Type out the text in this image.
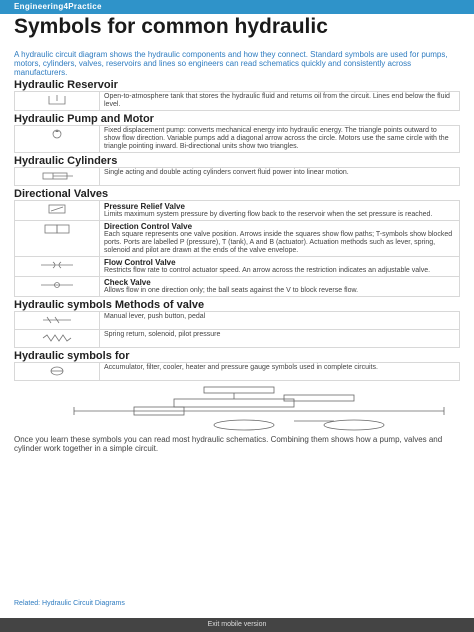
Engineering4Practice
Symbols for common hydraulic

A hydraulic circuit diagram shows the hydraulic components and how they connect. Standard symbols are used for pumps, motors, cylinders, valves, reservoirs and lines so engineers can read schematics quickly and consistently across manufacturers.

Hydraulic Reservoir
	Open-to-atmosphere tank that stores the hydraulic fluid and returns oil from the circuit. Lines end below the fluid level.
Hydraulic Pump and Motor
	Fixed displacement pump: converts mechanical energy into hydraulic energy. The triangle points outward to show flow direction. Variable pumps add a diagonal arrow across the circle. Motors use the same circle with the triangle pointing inward. Bi-directional units show two triangles.
Hydraulic Cylinders
	Single acting and double acting cylinders convert fluid power into linear motion.
Directional Valves

Pressure Relief Valve
Limits maximum system pressure by diverting flow back to the reservoir when the set pressure is reached.

Direction Control Valve
Each square represents one valve position. Arrows inside the squares show flow paths; T-symbols show blocked ports. Ports are labelled P (pressure), T (tank), A and B (actuator). Actuation methods such as lever, spring, solenoid and pilot are drawn at the ends of the valve envelope.

Flow Control Valve
Restricts flow rate to control actuator speed. An arrow across the restriction indicates an adjustable valve.

Check Valve
Allows flow in one direction only; the ball seats against the V to block reverse flow.
Hydraulic symbols Methods of valve
	Manual lever, push button, pedal
	Spring return, solenoid, pilot pressure
Hydraulic symbols for
	Accumulator, filter, cooler, heater and pressure gauge symbols used in complete circuits.

Once you learn these symbols you can read most hydraulic schematics. Combining them shows how a pump, valves and cylinder work together in a simple circuit.

Related: Hydraulic Circuit Diagrams
Exit mobile version
